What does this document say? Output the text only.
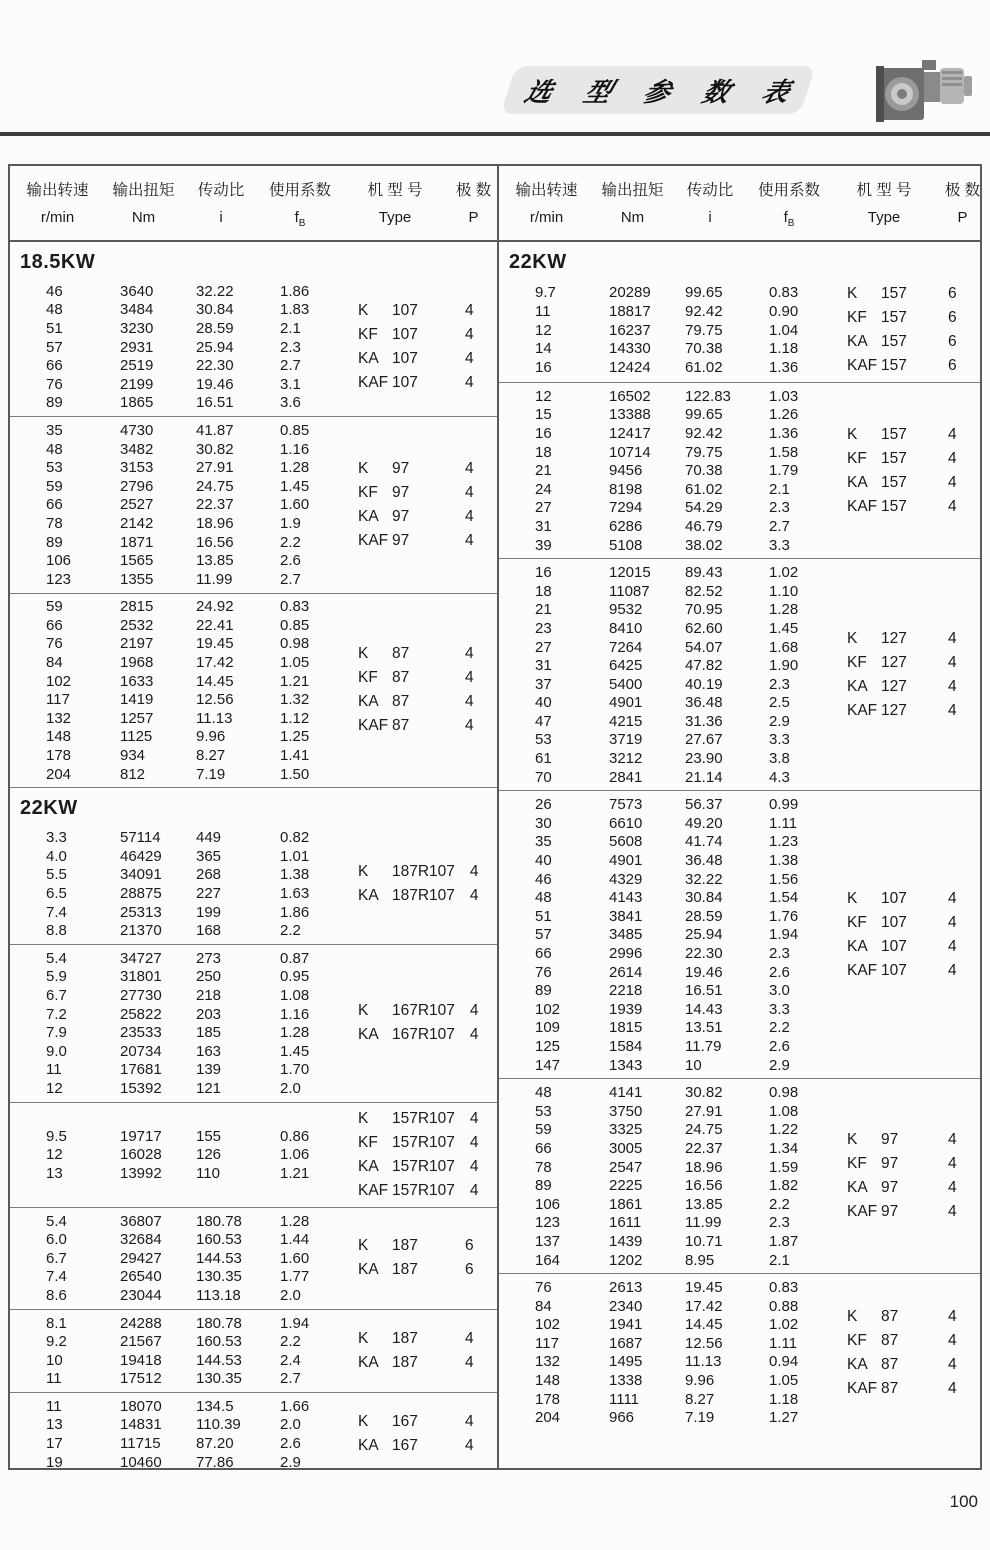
选 型 参 数 表
输出转速	输出扭矩	传动比	使用系数	机 型 号	极 数
r/min	Nm	i	$f_B$	Type	P
18.5KW
46	3640	32.22	1.86
48	3484	30.84	1.83
51	3230	28.59	2.1
57	2931	25.94	2.3
66	2519	22.30	2.7
76	2199	19.46	3.1
89	1865	16.51	3.6
K 107	4
KF 107	4
KA 107	4
KAF 107	4
35	4730	41.87	0.85
48	3482	30.82	1.16
53	3153	27.91	1.28
59	2796	24.75	1.45
66	2527	22.37	1.60
78	2142	18.96	1.9
89	1871	16.56	2.2
106	1565	13.85	2.6
123	1355	11.99	2.7
K 97	4
KF 97	4
KA 97	4
KAF 97	4
59	2815	24.92	0.83
66	2532	22.41	0.85
76	2197	19.45	0.98
84	1968	17.42	1.05
102	1633	14.45	1.21
117	1419	12.56	1.32
132	1257	11.13	1.12
148	1125	9.96	1.25
178	934	8.27	1.41
204	812	7.19	1.50
K 87	4
KF 87	4
KA 87	4
KAF 87	4
22KW
3.3	57114	449	0.82
4.0	46429	365	1.01
5.5	34091	268	1.38
6.5	28875	227	1.63
7.4	25313	199	1.86
8.8	21370	168	2.2
K 187R107 4
KA 187R107 4
5.4	34727	273	0.87
5.9	31801	250	0.95
6.7	27730	218	1.08
7.2	25822	203	1.16
7.9	23533	185	1.28
9.0	20734	163	1.45
11	17681	139	1.70
12	15392	121	2.0
K 167R107 4
KA 167R107 4
9.5	19717	155	0.86
12	16028	126	1.06
13	13992	110	1.21
K 157R107 4
KF 157R107 4
KA 157R107 4
KAF 157R107 4
5.4	36807	180.78	1.28
6.0	32684	160.53	1.44
6.7	29427	144.53	1.60
7.4	26540	130.35	1.77
8.6	23044	113.18	2.0
K 187	6
KA 187	6
8.1	24288	180.78	1.94
9.2	21567	160.53	2.2
10	19418	144.53	2.4
11	17512	130.35	2.7
K 187	4
KA 187	4
11	18070	134.5	1.66
13	14831	110.39	2.0
17	11715	87.20	2.6
19	10460	77.86	2.9
K 167	4
KA 167	4
输出转速	输出扭矩	传动比	使用系数	机 型 号	极 数
r/min	Nm	i	$f_B$	Type	P
22KW
9.7	20289	99.65	0.83
11	18817	92.42	0.90
12	16237	79.75	1.04
14	14330	70.38	1.18
16	12424	61.02	1.36
K 157	6
KF 157	6
KA 157	6
KAF 157	6
12	16502	122.83	1.03
15	13388	99.65	1.26
16	12417	92.42	1.36
18	10714	79.75	1.58
21	9456	70.38	1.79
24	8198	61.02	2.1
27	7294	54.29	2.3
31	6286	46.79	2.7
39	5108	38.02	3.3
K 157	4
KF 157	4
KA 157	4
KAF 157	4
16	12015	89.43	1.02
18	11087	82.52	1.10
21	9532	70.95	1.28
23	8410	62.60	1.45
27	7264	54.07	1.68
31	6425	47.82	1.90
37	5400	40.19	2.3
40	4901	36.48	2.5
47	4215	31.36	2.9
53	3719	27.67	3.3
61	3212	23.90	3.8
70	2841	21.14	4.3
K 127	4
KF 127	4
KA 127	4
KAF 127	4
26	7573	56.37	0.99
30	6610	49.20	1.11
35	5608	41.74	1.23
40	4901	36.48	1.38
46	4329	32.22	1.56
48	4143	30.84	1.54
51	3841	28.59	1.76
57	3485	25.94	1.94
66	2996	22.30	2.3
76	2614	19.46	2.6
89	2218	16.51	3.0
102	1939	14.43	3.3
109	1815	13.51	2.2
125	1584	11.79	2.6
147	1343	10	2.9
K 107	4
KF 107	4
KA 107	4
KAF 107	4
48	4141	30.82	0.98
53	3750	27.91	1.08
59	3325	24.75	1.22
66	3005	22.37	1.34
78	2547	18.96	1.59
89	2225	16.56	1.82
106	1861	13.85	2.2
123	1611	11.99	2.3
137	1439	10.71	1.87
164	1202	8.95	2.1
K 97	4
KF 97	4
KA 97	4
KAF 97	4
76	2613	19.45	0.83
84	2340	17.42	0.88
102	1941	14.45	1.02
117	1687	12.56	1.11
132	1495	11.13	0.94
148	1338	9.96	1.05
178	1111	8.27	1.18
204	966	7.19	1.27
K 87	4
KF 87	4
KA 87	4
KAF 87	4
100
